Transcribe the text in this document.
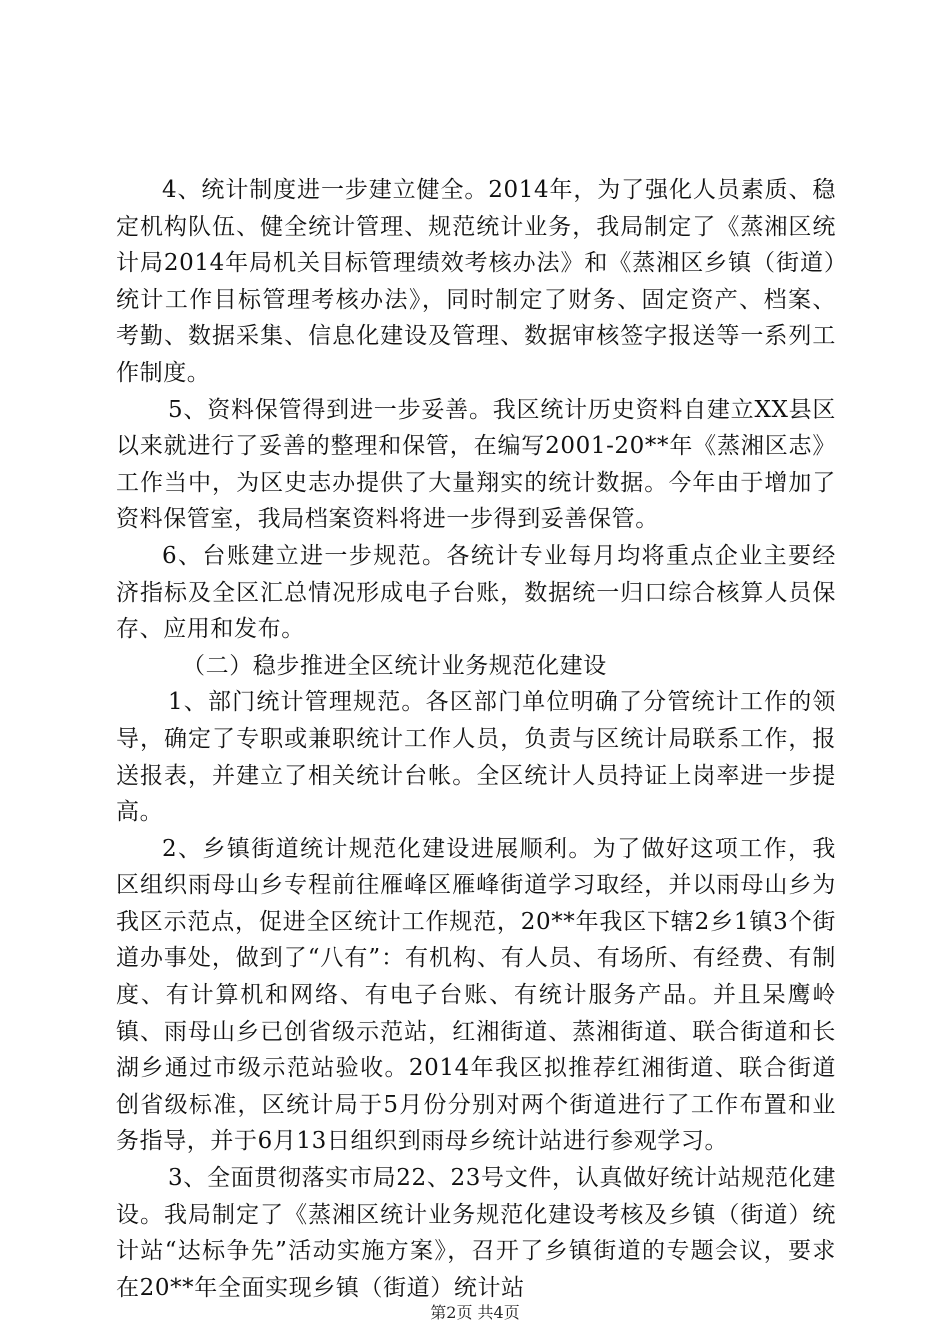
4、统计制度进一步建立健全。2014年，为了强化人员素质、稳定机构队伍、健全统计管理、规范统计业务，我局制定了《蒸湘区统计局2014年局机关目标管理绩效考核办法》和《蒸湘区乡镇（街道）统计工作目标管理考核办法》，同时制定了财务、固定资产、档案、考勤、数据采集、信息化建设及管理、数据审核签字报送等一系列工作制度。

5、资料保管得到进一步妥善。我区统计历史资料自建立XX县区以来就进行了妥善的整理和保管，在编写2001-20**年《蒸湘区志》工作当中，为区史志办提供了大量翔实的统计数据。今年由于增加了资料保管室，我局档案资料将进一步得到妥善保管。

6、台账建立进一步规范。各统计专业每月均将重点企业主要经济指标及全区汇总情况形成电子台账，数据统一归口综合核算人员保存、应用和发布。

（二）稳步推进全区统计业务规范化建设

1、部门统计管理规范。各区部门单位明确了分管统计工作的领导，确定了专职或兼职统计工作人员，负责与区统计局联系工作，报送报表，并建立了相关统计台帐。全区统计人员持证上岗率进一步提高。

2、乡镇街道统计规范化建设进展顺利。为了做好这项工作，我区组织雨母山乡专程前往雁峰区雁峰街道学习取经，并以雨母山乡为我区示范点，促进全区统计工作规范，20**年我区下辖2乡1镇3个街道办事处，做到了“八有”：有机构、有人员、有场所、有经费、有制度、有计算机和网络、有电子台账、有统计服务产品。并且呆鹰岭镇、雨母山乡已创省级示范站，红湘街道、蒸湘街道、联合街道和长湖乡通过市级示范站验收。2014年我区拟推荐红湘街道、联合街道创省级标准，区统计局于5月份分别对两个街道进行了工作布置和业务指导，并于6月13日组织到雨母乡统计站进行参观学习。

3、全面贯彻落实市局22、23号文件，认真做好统计站规范化建设。我局制定了《蒸湘区统计业务规范化建设考核及乡镇（街道）统计站“达标争先”活动实施方案》，召开了乡镇街道的专题会议，要求在20**年全面实现乡镇（街道）统计站

第2页 共4页
